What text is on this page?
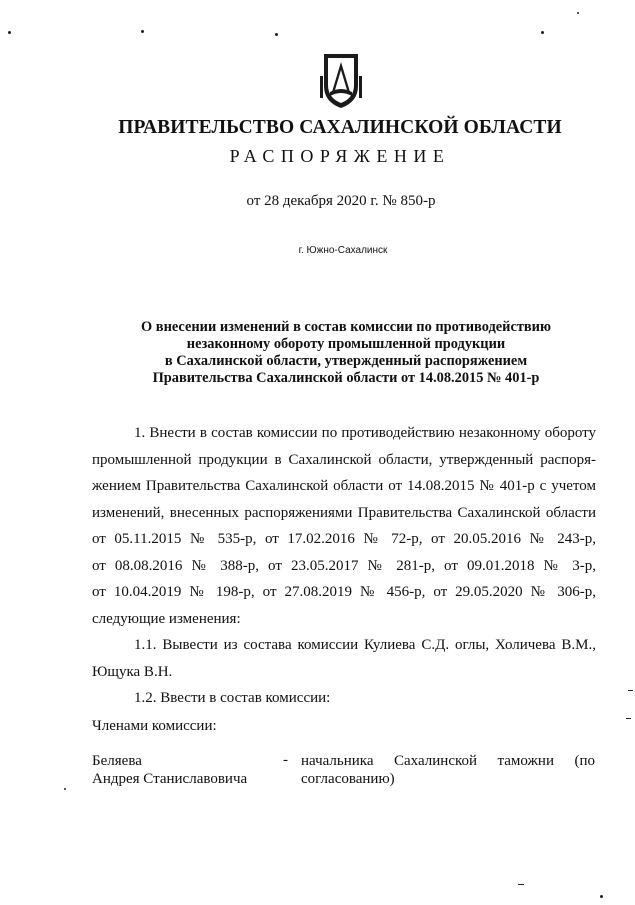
ПРАВИТЕЛЬСТВО САХАЛИНСКОЙ ОБЛАСТИ
РАСПОРЯЖЕНИЕ
от 28 декабря 2020 г. № 850-р
г. Южно-Сахалинск
О внесении изменений в состав комиссии по противодействию
незаконному обороту промышленной продукции
в Сахалинской области, утвержденный распоряжением
Правительства Сахалинской области от 14.08.2015 № 401-р
1. Внести в состав комиссии по противодействию незаконному обороту
промышленной продукции в Сахалинской области, утвержденный распоря-
жением Правительства Сахалинской области от 14.08.2015 № 401-р с учетом
изменений, внесенных распоряжениями Правительства Сахалинской области
от 05.11.2015 № 535-р, от 17.02.2016 № 72-р, от 20.05.2016 № 243-р,
от 08.08.2016 № 388-р, от 23.05.2017 № 281-р, от 09.01.2018 № 3-р,
от 10.04.2019 № 198-р, от 27.08.2019 № 456-р, от 29.05.2020 № 306-р,
следующие изменения:
1.1. Вывести из состава комиссии Кулиева С.Д. оглы, Холичева В.М.,
Ющука В.Н.
1.2. Ввести в состав комиссии:
Членами комиссии:
Беляева
Андрея Станиславовича
- начальника Сахалинской таможни (по
согласованию)
